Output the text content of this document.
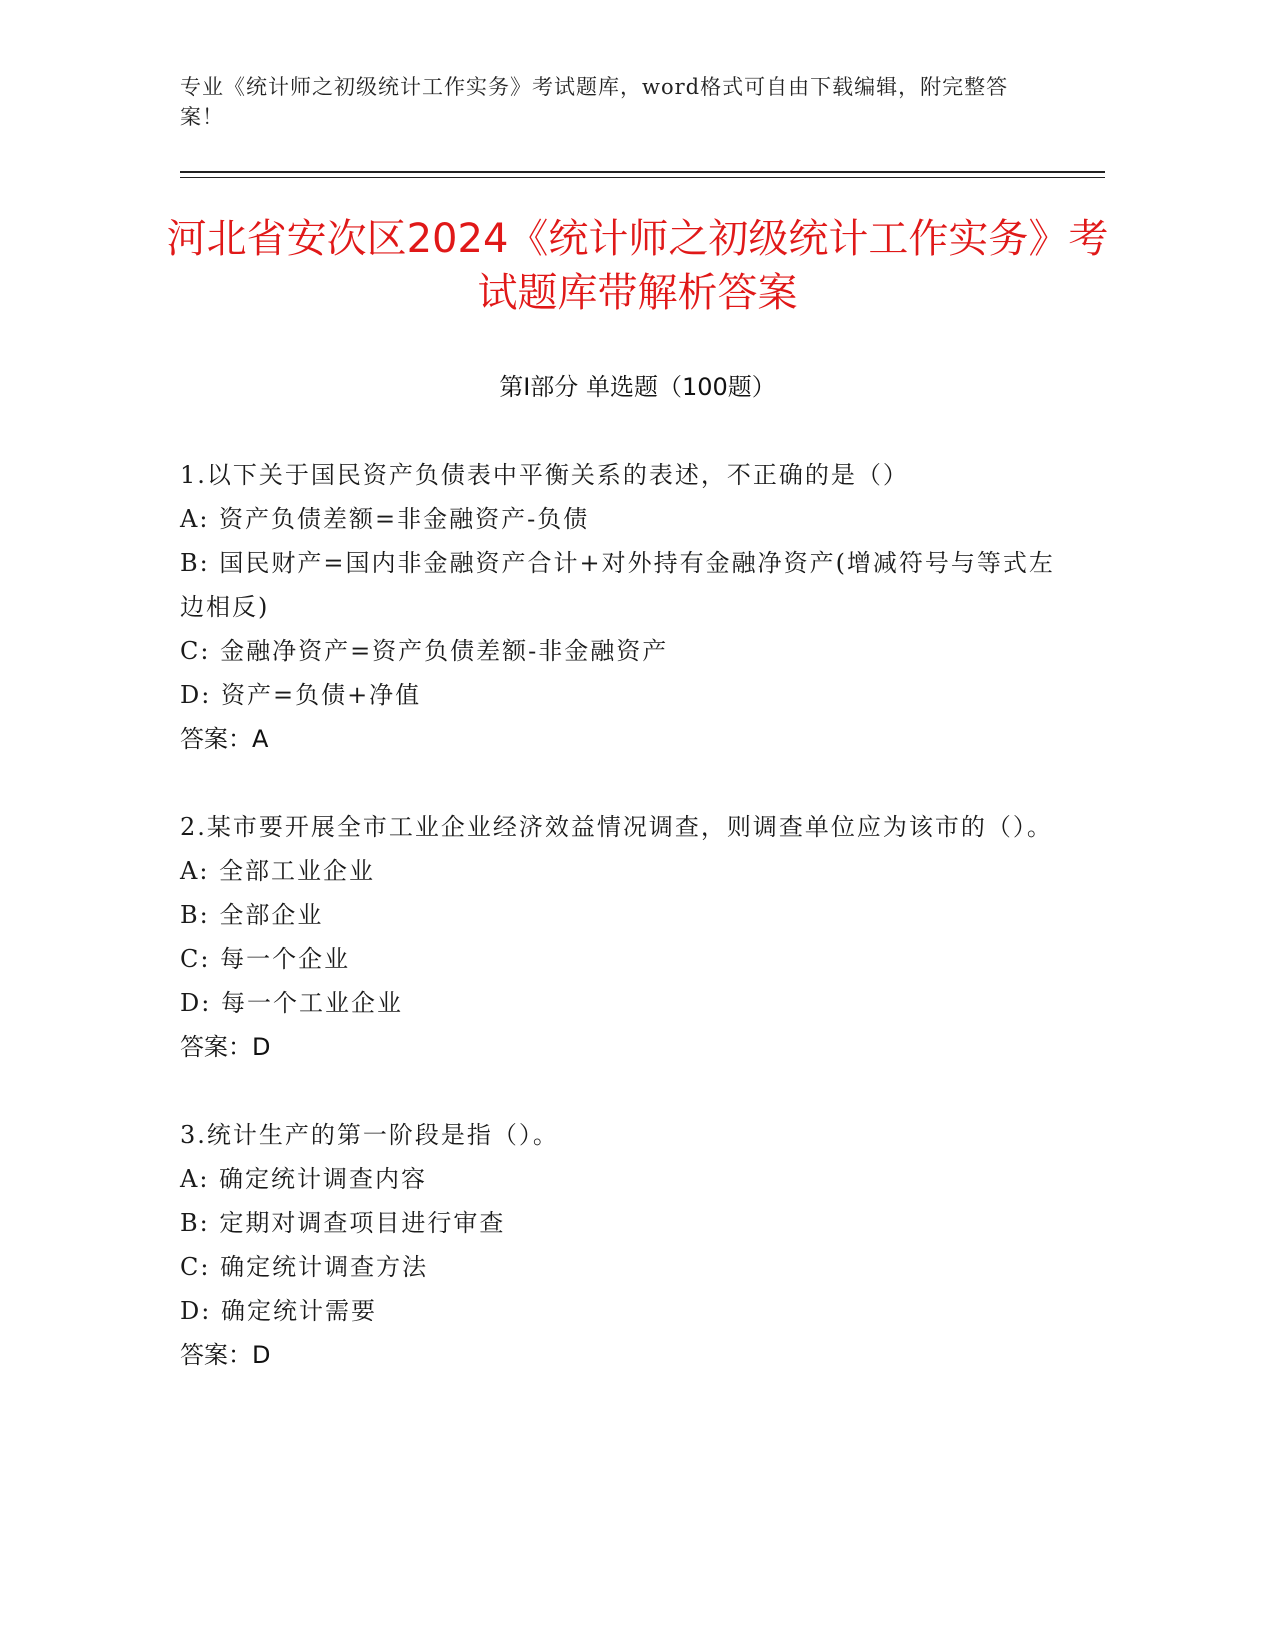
专业《统计师之初级统计工作实务》考试题库，word格式可自由下载编辑，附完整答案！
河北省安次区2024《统计师之初级统计工作实务》考试题库带解析答案
第Ⅰ部分 单选题（100题）

1.以下关于国民资产负债表中平衡关系的表述，不正确的是（）

A: 资产负债差额=非金融资产-负债

B: 国民财产=国内非金融资产合计+对外持有金融净资产(增减符号与等式左边相反)

C: 金融净资产=资产负债差额-非金融资产

D: 资产=负债+净值

答案：A

2.某市要开展全市工业企业经济效益情况调查，则调查单位应为该市的（）。

A: 全部工业企业

B: 全部企业

C: 每一个企业

D: 每一个工业企业

答案：D

3.统计生产的第一阶段是指（）。

A: 确定统计调查内容

B: 定期对调查项目进行审查

C: 确定统计调查方法

D: 确定统计需要

答案：D
